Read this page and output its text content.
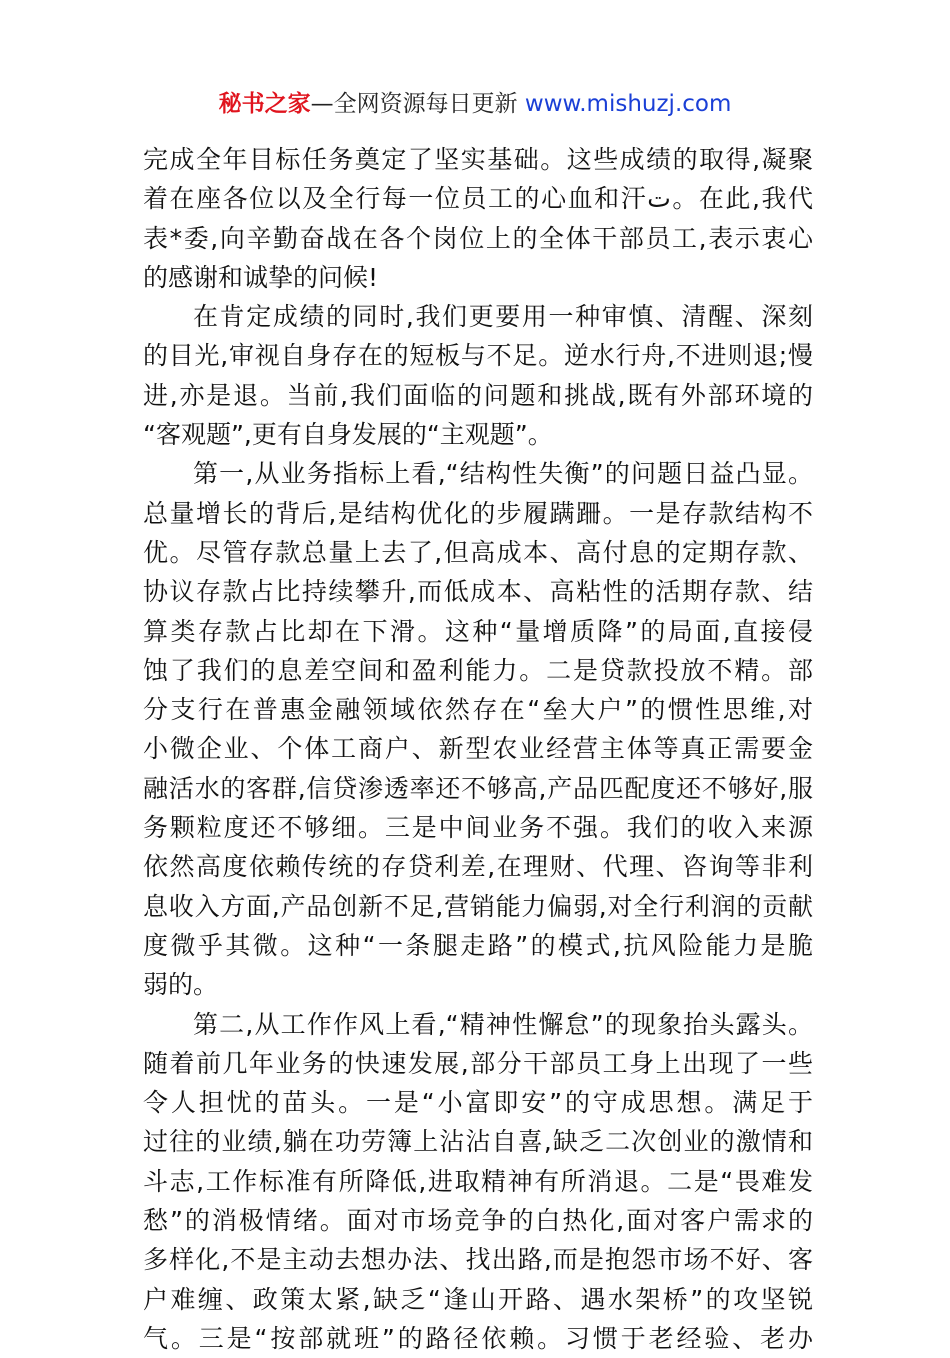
秘书之家—全网资源每日更新 www.mishuzj.com
完成全年目标任务奠定了坚实基础。这些成绩的取得,凝聚
着在座各位以及全行每一位员工的心血和汗ت。在此,我代
表*委,向辛勤奋战在各个岗位上的全体干部员工,表示衷心
的感谢和诚挚的问候!
在肯定成绩的同时,我们更要用一种审慎、清醒、深刻
的目光,审视自身存在的短板与不足。逆水行舟,不进则退;慢
进,亦是退。当前,我们面临的问题和挑战,既有外部环境的
“客观题”,更有自身发展的“主观题”。
第一,从业务指标上看,“结构性失衡”的问题日益凸显。
总量增长的背后,是结构优化的步履蹒跚。一是存款结构不
优。尽管存款总量上去了,但高成本、高付息的定期存款、
协议存款占比持续攀升,而低成本、高粘性的活期存款、结
算类存款占比却在下滑。这种“量增质降”的局面,直接侵
蚀了我们的息差空间和盈利能力。二是贷款投放不精。部
分支行在普惠金融领域依然存在“垒大户”的惯性思维,对
小微企业、个体工商户、新型农业经营主体等真正需要金
融活水的客群,信贷渗透率还不够高,产品匹配度还不够好,服
务颗粒度还不够细。三是中间业务不强。我们的收入来源
依然高度依赖传统的存贷利差,在理财、代理、咨询等非利
息收入方面,产品创新不足,营销能力偏弱,对全行利润的贡献
度微乎其微。这种“一条腿走路”的模式,抗风险能力是脆
弱的。
第二,从工作作风上看,“精神性懈怠”的现象抬头露头。
随着前几年业务的快速发展,部分干部员工身上出现了一些
令人担忧的苗头。一是“小富即安”的守成思想。满足于
过往的业绩,躺在功劳簿上沾沾自喜,缺乏二次创业的激情和
斗志,工作标准有所降低,进取精神有所消退。二是“畏难发
愁”的消极情绪。面对市场竞争的白热化,面对客户需求的
多样化,不是主动去想办法、找出路,而是抱怨市场不好、客
户难缠、政策太紧,缺乏“逢山开路、遇水架桥”的攻坚锐
气。三是“按部就班”的路径依赖。习惯于老经验、老办
